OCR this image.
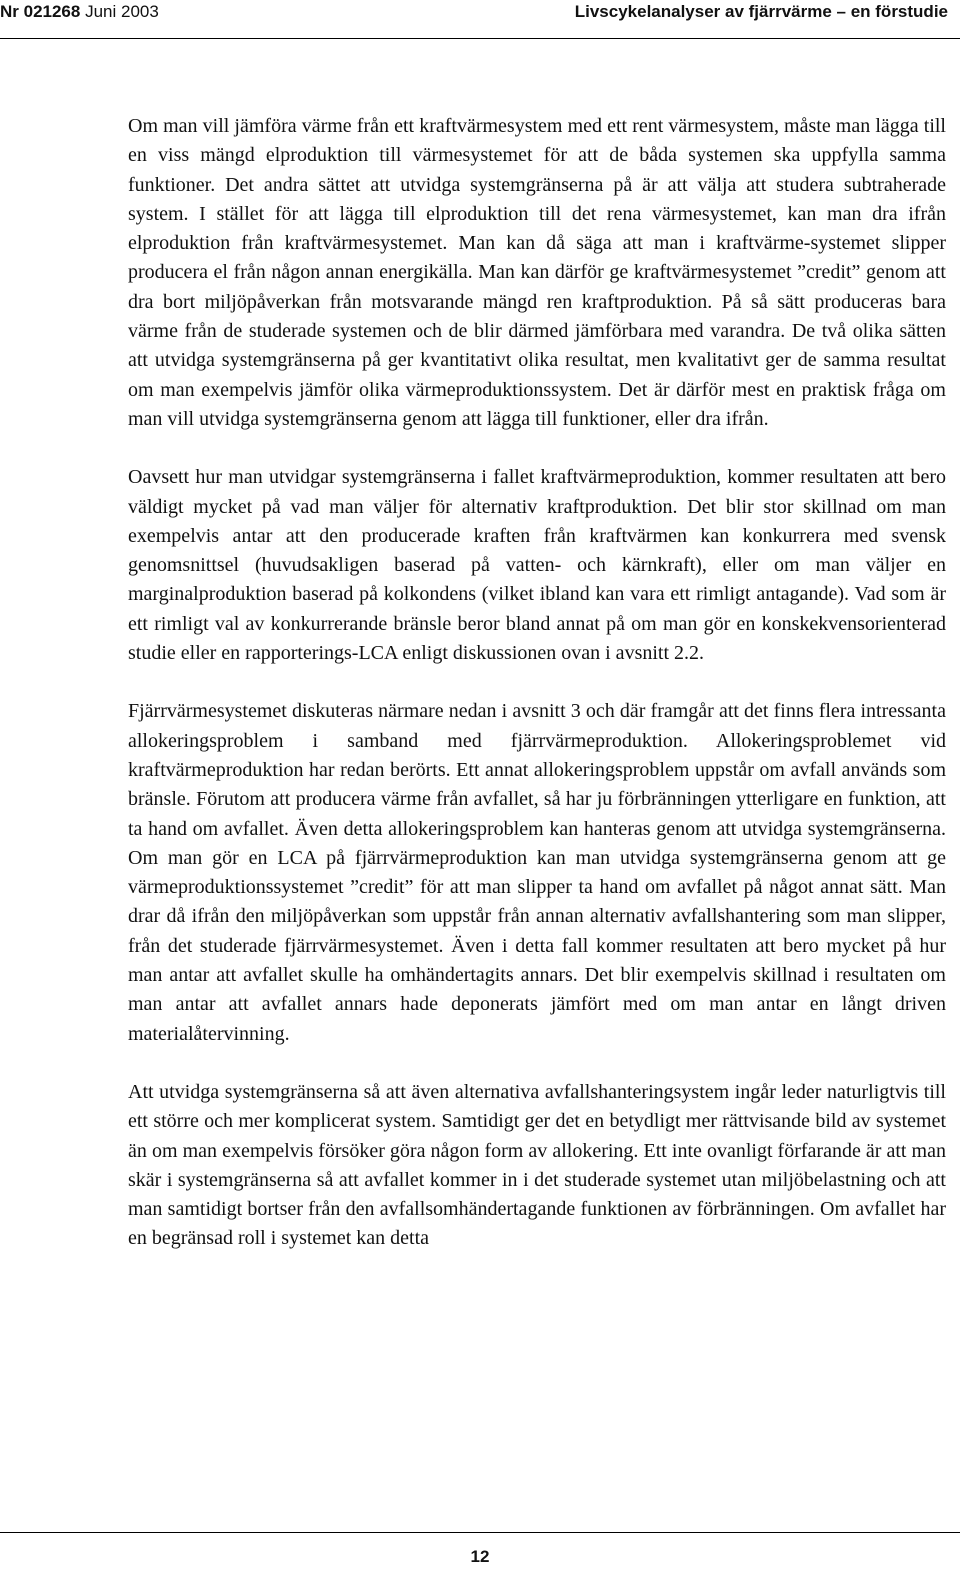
Nr 021268 Juni 2003	Livscykelanalyser av fjärrvärme – en förstudie

Om man vill jämföra värme från ett kraftvärmesystem med ett rent värmesystem, måste man lägga till en viss mängd elproduktion till värmesystemet för att de båda systemen ska uppfylla samma funktioner. Det andra sättet att utvidga systemgränserna på är att välja att studera subtraherade system. I stället för att lägga till elproduktion till det rena värmesystemet, kan man dra ifrån elproduktion från kraftvärmesystemet. Man kan då säga att man i kraftvärme-systemet slipper producera el från någon annan energikälla. Man kan därför ge kraftvärmesystemet ”credit” genom att dra bort miljöpåverkan från motsvarande mängd ren kraftproduktion. På så sätt produceras bara värme från de studerade systemen och de blir därmed jämförbara med varandra. De två olika sätten att utvidga systemgränserna på ger kvantitativt olika resultat, men kvalitativt ger de samma resultat om man exempelvis jämför olika värmeproduktionssystem. Det är därför mest en praktisk fråga om man vill utvidga systemgränserna genom att lägga till funktioner, eller dra ifrån.

Oavsett hur man utvidgar systemgränserna i fallet kraftvärmeproduktion, kommer resultaten att bero väldigt mycket på vad man väljer för alternativ kraftproduktion. Det blir stor skillnad om man exempelvis antar att den producerade kraften från kraftvärmen kan konkurrera med svensk genomsnittsel (huvudsakligen baserad på vatten- och kärnkraft), eller om man väljer en marginalproduktion baserad på kolkondens (vilket ibland kan vara ett rimligt antagande). Vad som är ett rimligt val av konkurrerande bränsle beror bland annat på om man gör en konskekvensorienterad studie eller en rapporterings-LCA enligt diskussionen ovan i avsnitt 2.2.

Fjärrvärmesystemet diskuteras närmare nedan i avsnitt 3 och där framgår att det finns flera intressanta allokeringsproblem i samband med fjärrvärmeproduktion. Allokeringsproblemet vid kraftvärmeproduktion har redan berörts. Ett annat allokeringsproblem uppstår om avfall används som bränsle. Förutom att producera värme från avfallet, så har ju förbränningen ytterligare en funktion, att ta hand om avfallet. Även detta allokeringsproblem kan hanteras genom att utvidga systemgränserna. Om man gör en LCA på fjärrvärmeproduktion kan man utvidga systemgränserna genom att ge värmeproduktionssystemet ”credit” för att man slipper ta hand om avfallet på något annat sätt. Man drar då ifrån den miljöpåverkan som uppstår från annan alternativ avfallshantering som man slipper, från det studerade fjärrvärmesystemet. Även i detta fall kommer resultaten att bero mycket på hur man antar att avfallet skulle ha omhändertagits annars. Det blir exempelvis skillnad i resultaten om man antar att avfallet annars hade deponerats jämfört med om man antar en långt driven materialåtervinning.

Att utvidga systemgränserna så att även alternativa avfallshanteringsystem ingår leder naturligtvis till ett större och mer komplicerat system. Samtidigt ger det en betydligt mer rättvisande bild av systemet än om man exempelvis försöker göra någon form av allokering. Ett inte ovanligt förfarande är att man skär i systemgränserna så att avfallet kommer in i det studerade systemet utan miljöbelastning och att man samtidigt bortser från den avfallsomhändertagande funktionen av förbränningen. Om avfallet har en begränsad roll i systemet kan detta

12
